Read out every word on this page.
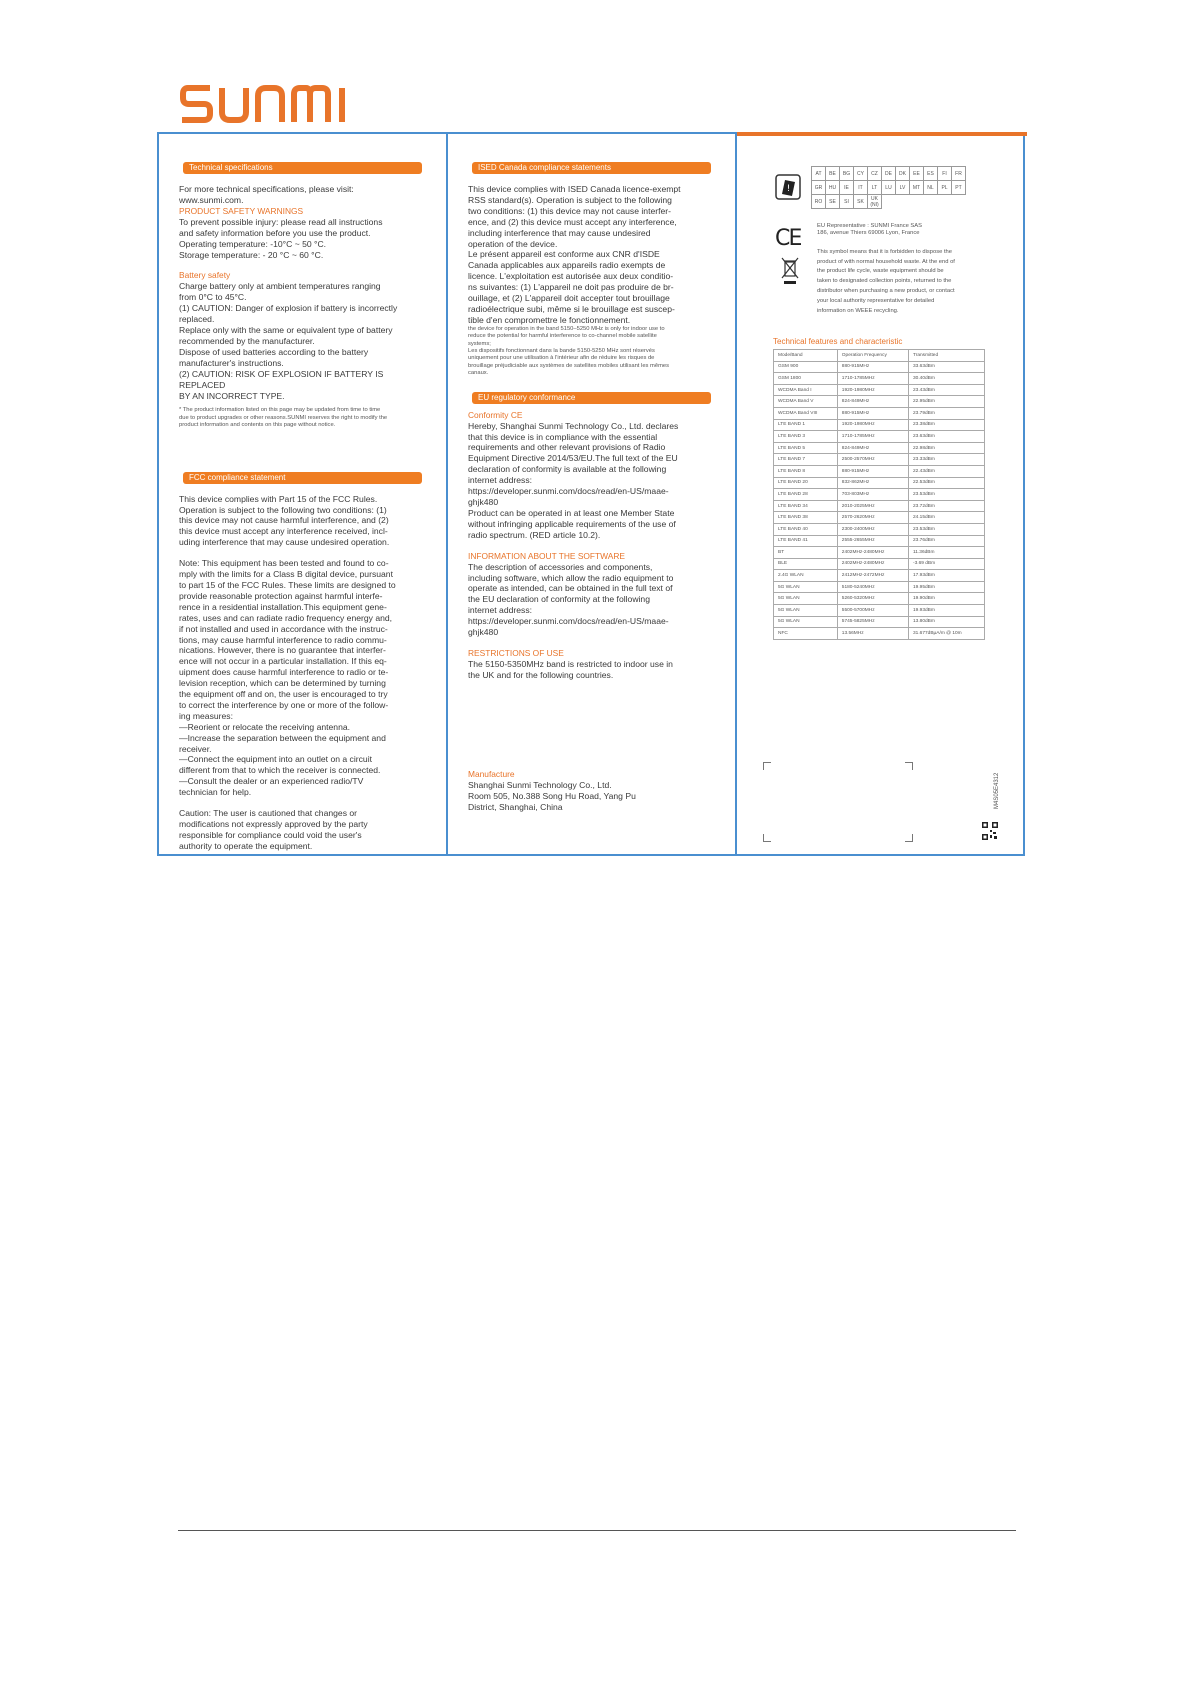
Technical specifications

For more technical specifications, please visit:
www.sunmi.com.

PRODUCT SAFETY WARNINGS

To prevent possible injury: please read all instructions
and safety information before you use the product.
Operating temperature: -10°C ~ 50 °C.
Storage temperature: - 20 °C ~ 60 °C.

Battery safety

Charge battery only at ambient temperatures ranging
from 0°C to 45°C.
(1) CAUTION: Danger of explosion if battery is incorrectly
replaced.
Replace only with the same or equivalent type of battery
recommended by the manufacturer.
Dispose of used batteries according to the battery
manufacturer's instructions.
(2) CAUTION: RISK OF EXPLOSION IF BATTERY IS REPLACED
BY AN INCORRECT TYPE.

* The product information listed on this page may be updated from time to time
due to product upgrades or other reasons.SUNMI reserves the right to modify the
product information and contents on this page without notice.

FCC compliance statement

This device complies with Part 15 of the FCC Rules.
Operation is subject to the following two conditions: (1)
this device may not cause harmful interference, and (2)
this device must accept any interference received, incl-
uding interference that may cause undesired operation.

Note: This equipment has been tested and found to co-
mply with the limits for a Class B digital device, pursuant
to part 15 of the FCC Rules. These limits are designed to
provide reasonable protection against harmful interfe-
rence in a residential installation.This equipment gene-
rates, uses and can radiate radio frequency energy and,
if not installed and used in accordance with the instruc-
tions, may cause harmful interference to radio commu-
nications. However, there is no guarantee that interfer-
ence will not occur in a particular installation. If this eq-
uipment does cause harmful interference to radio or te-
levision reception, which can be determined by turning
the equipment off and on, the user is encouraged to try
to correct the interference by one or more of the follow-
ing measures:
—Reorient or relocate the receiving antenna.
—Increase the separation between the equipment and
receiver.
—Connect the equipment into an outlet on a circuit
different from that to which the receiver is connected.
—Consult the dealer or an experienced radio/TV
technician for help.

Caution: The user is cautioned that changes or
modifications not expressly approved by the party
responsible for compliance could void the user's
authority to operate the equipment.

ISED Canada compliance statements

This device complies with ISED Canada licence-exempt
RSS standard(s). Operation is subject to the following
two conditions: (1) this device may not cause interfer-
ence, and (2) this device must accept any interference,
including interference that may cause undesired
operation of the device.
Le présent appareil est conforme aux CNR d'ISDE
Canada applicables aux appareils radio exempts de
licence. L'exploitation est autorisée aux deux conditio-
ns suivantes: (1) L'appareil ne doit pas produire de br-
ouillage, et (2) L'appareil doit accepter tout brouillage
radioélectrique subi, même si le brouillage est suscep-
tible d'en compromettre le fonctionnement.

the device for operation in the band 5150–5250 MHz is only for indoor use to
reduce the potential for harmful interference to co-channel mobile satellite
systems;
Les dispositifs fonctionnant dans la bande 5150-5250 MHz sont réservés
uniquement pour une utilisation à l'intérieur afin de réduire les risques de
brouillage préjudiciable aux systèmes de satellites mobiles utilisant les mêmes
canaux.

EU regulatory conformance

Conformity CE

Hereby, Shanghai Sunmi Technology Co., Ltd. declares
that this device is in compliance with the essential
requirements and other relevant provisions of Radio
Equipment Directive 2014/53/EU.The full text of the EU
declaration of conformity is available at the following
internet address:
https://developer.sunmi.com/docs/read/en-US/maae-
ghjk480
Product can be operated in at least one Member State
without infringing applicable requirements of the use of
radio spectrum. (RED article 10.2).

INFORMATION ABOUT THE SOFTWARE

The description of accessories and components,
including software, which allow the radio equipment to
operate as intended, can be obtained in the full text of
the EU declaration of conformity at the following
internet address:
https://developer.sunmi.com/docs/read/en-US/maae-
ghjk480

RESTRICTIONS OF USE

The 5150-5350MHz band is restricted to indoor use in
the UK and for the following countries.

Manufacture

Shanghai Sunmi Technology Co., Ltd.
Room 505, No.388 Song Hu Road, Yang Pu
District, Shanghai, China

!
AT	BE	BG	CY	CZ	DE	DK	EE	ES	FI	FR
GR	HU	IE	IT	LT	LU	LV	MT	NL	PL	PT
RO	SE	SI	SK	UK (NI)						
C E	EU Representative : SUNMI France SAS
186, avenue Thiers 69006 Lyon, France

This symbol means that it is forbidden to dispose the
product of with normal household waste. At the end of
the product life cycle, waste equipment should be
taken to designated collection points, returned to the
distributor when purchasing a new product, or contact
your local authority representative for detailed
information on WEEE recycling.

Technical features and characteristic
Mode/Band	Operation Frequency	Transmitted
GSM 900	880-915MHz	33.63dBm
GSM 1800	1710-1785MHz	30.40dBm
WCDMA Band I	1920-1980MHz	23.43dBm
WCDMA Band V	824-849MHz	22.95dBm
WCDMA Band VIII	880-915MHz	23.79dBm
LTE BAND 1	1920-1980MHz	23.38dBm
LTE BAND 3	1710-1785MHz	23.63dBm
LTE BAND 5	824-849MHz	22.98dBm
LTE BAND 7	2500-2570MHz	23.33dBm
LTE BAND 8	880-915MHz	22.43dBm
LTE BAND 20	832-862MHz	22.53dBm
LTE BAND 28	703-803MHz	23.53dBm
LTE BAND 34	2010-2025MHz	23.72dBm
LTE BAND 38	2570-2620MHz	24.15dBm
LTE BAND 40	2300-2400MHz	23.53dBm
LTE BAND 41	2555-2655MHz	23.76dBm
BT	2402MHz-2480MHz	11.36dBm
BLE	2402MHz-2480MHz	-3.69 dBm
2.4G WLAN	2412MHz-2472MHz	17.93dBm
5G WLAN	5180-5240MHz	19.95dBm
5G WLAN	5260-5320MHz	19.90dBm
5G WLAN	5500-5700MHz	19.93dBm
5G WLAN	5745-5825MHz	13.80dBm
NFC	13.56MHz	31.677dBμA/m @ 10m
M4S05E4312
